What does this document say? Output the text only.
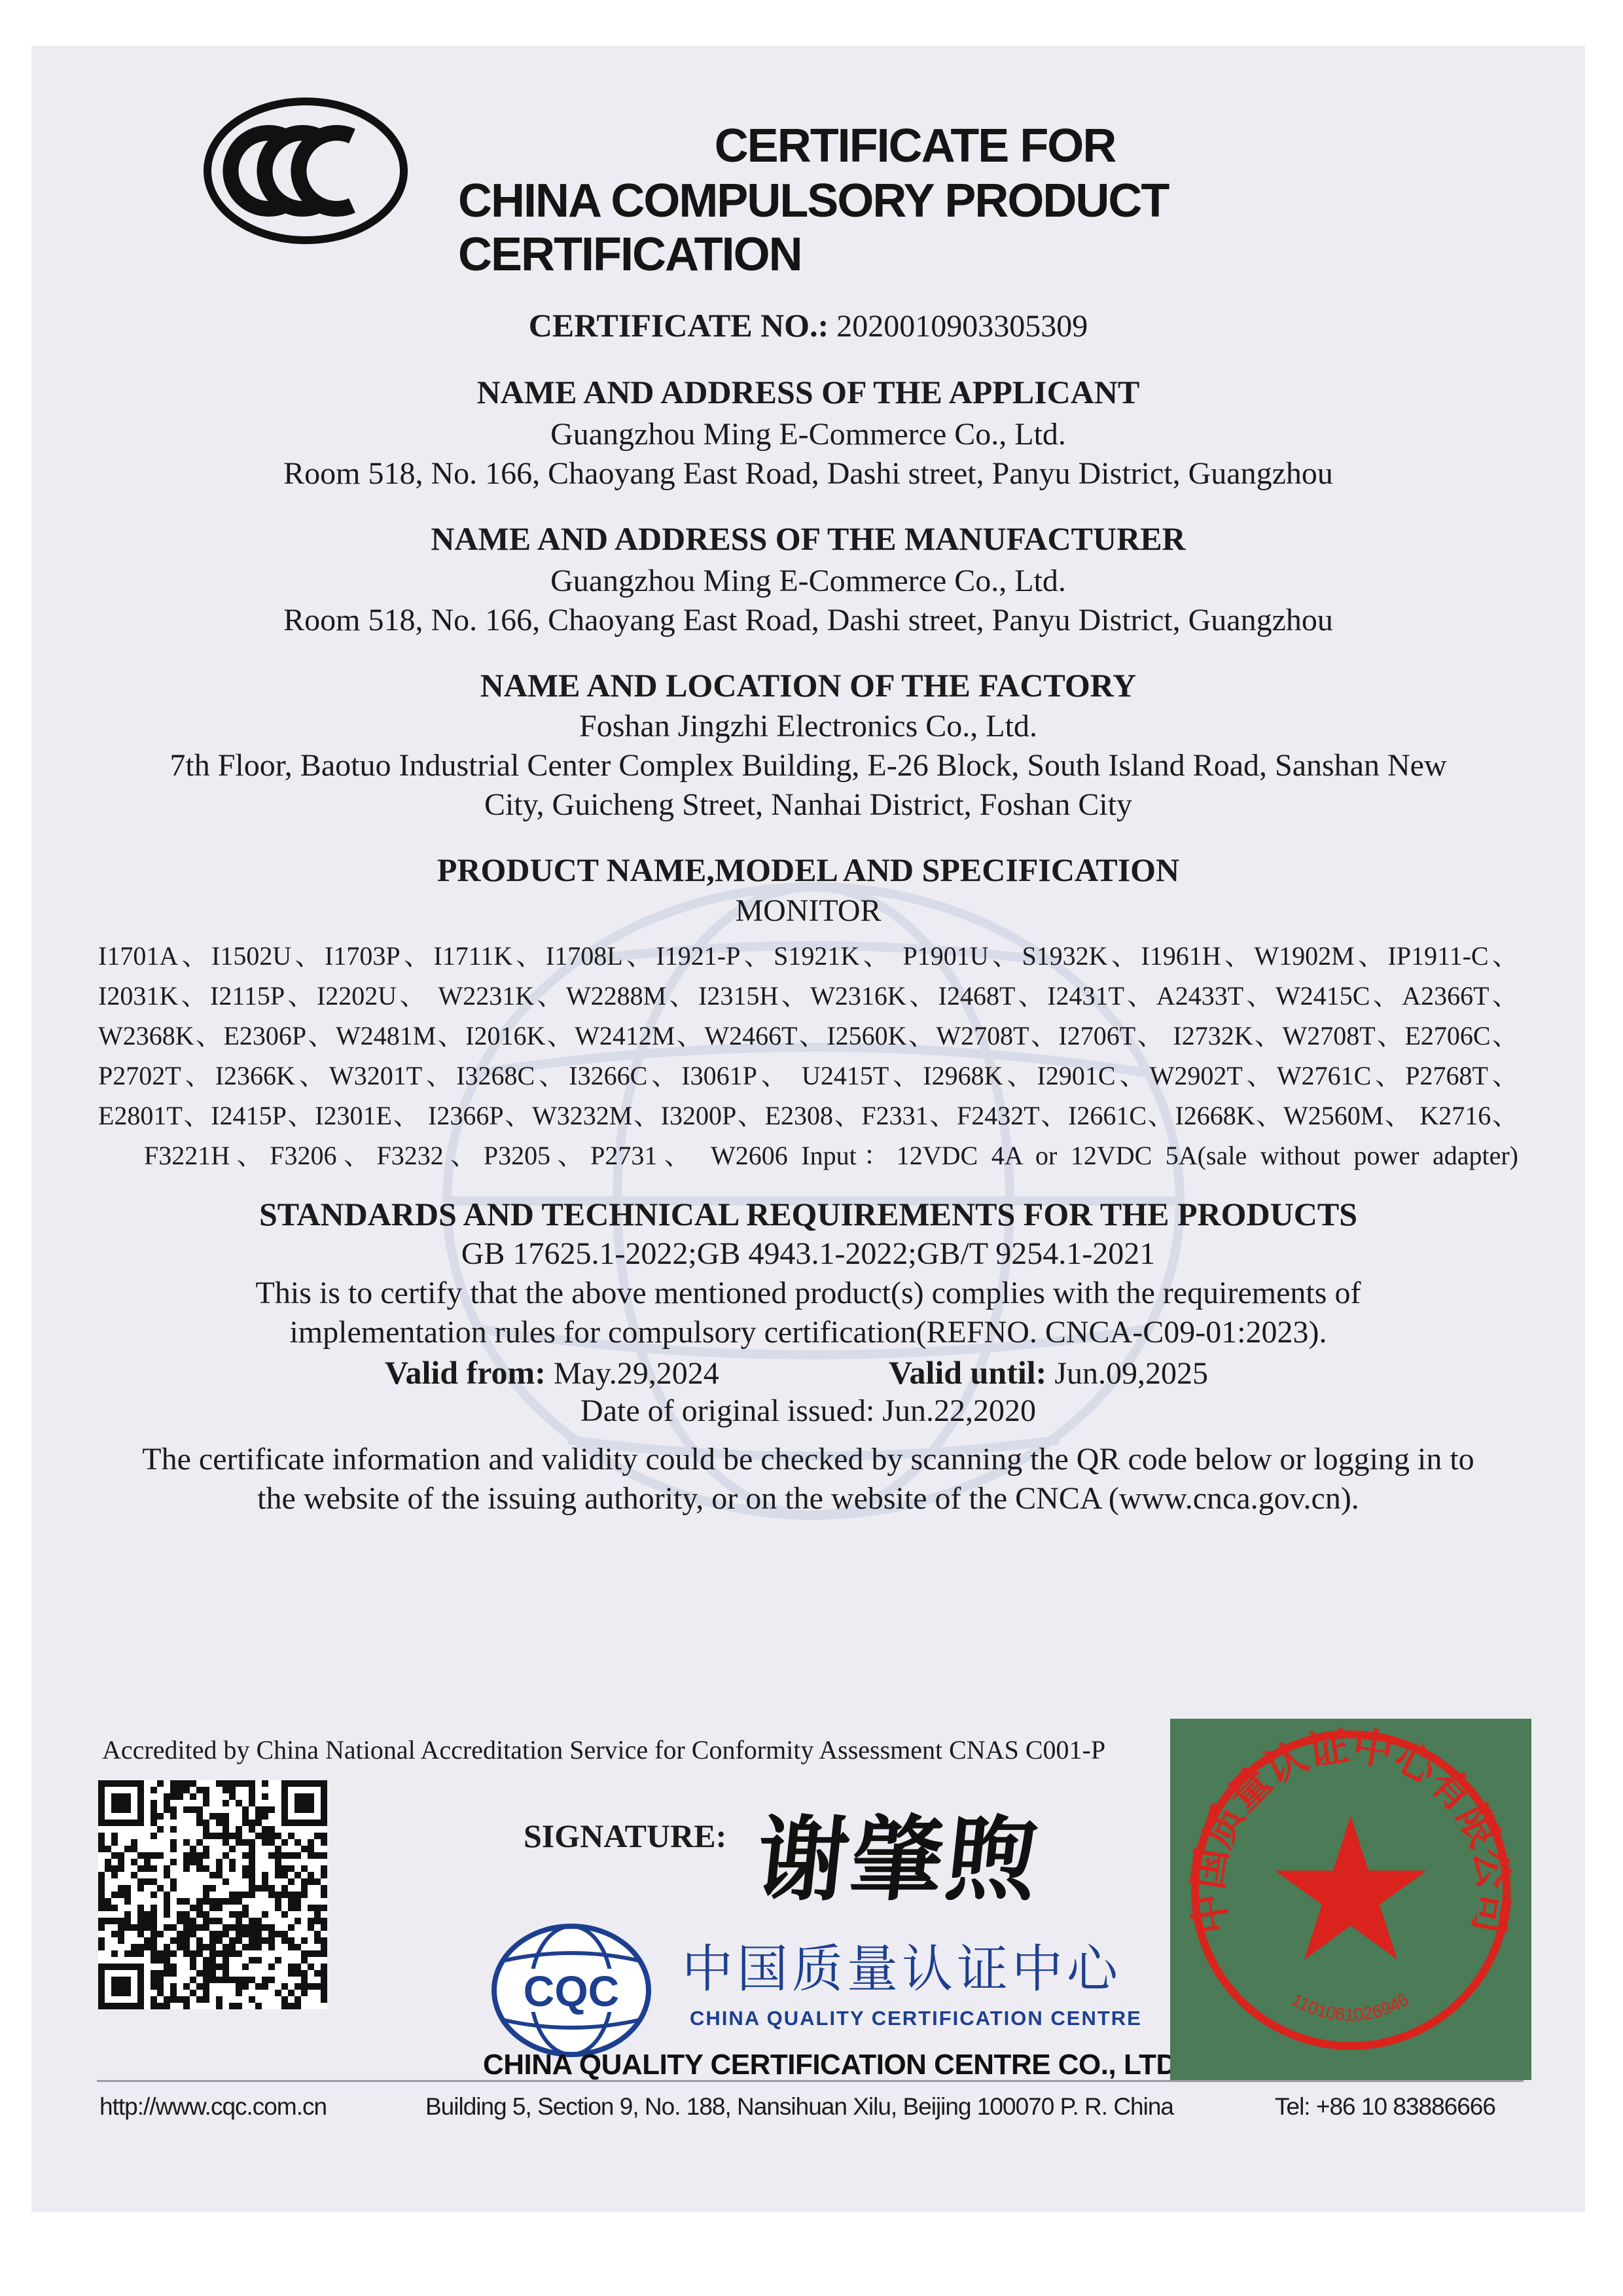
CERTIFICATE FOR
CHINA COMPULSORY PRODUCT CERTIFICATION
CERTIFICATE NO.: 2020010903305309
NAME AND ADDRESS OF THE APPLICANT
Guangzhou Ming E-Commerce Co., Ltd.
Room 518, No. 166, Chaoyang East Road, Dashi street, Panyu District, Guangzhou
NAME AND ADDRESS OF THE MANUFACTURER
Guangzhou Ming E-Commerce Co., Ltd.
Room 518, No. 166, Chaoyang East Road, Dashi street, Panyu District, Guangzhou
NAME AND LOCATION OF THE FACTORY
Foshan Jingzhi Electronics Co., Ltd.
7th Floor, Baotuo Industrial Center Complex Building, E-26 Block, South Island Road, Sanshan New
City, Guicheng Street, Nanhai District, Foshan City
PRODUCT NAME,MODEL AND SPECIFICATION
MONITOR
I1701A、I1502U、I1703P、I1711K、I1708L、I1921-P、S1921K、 P1901U、S1932K、I1961H、W1902M、IP1911-C、
I2031K、I2115P、I2202U、 W2231K、W2288M、I2315H、W2316K、I2468T、I2431T、A2433T、W2415C、A2366T、
W2368K、E2306P、W2481M、I2016K、W2412M、W2466T、I2560K、W2708T、I2706T、 I2732K、W2708T、E2706C、
P2702T、I2366K、W3201T、I3268C、I3266C、I3061P、 U2415T、I2968K、I2901C、W2902T、W2761C、P2768T、
E2801T、I2415P、I2301E、 I2366P、W3232M、I3200P、E2308、F2331、F2432T、I2661C、I2668K、W2560M、 K2716、
F3221H、F3206、F3232、P3205、P2731、 W2606 Input：12VDC 4A or 12VDC 5A(sale without power adapter)
STANDARDS AND TECHNICAL REQUIREMENTS FOR THE PRODUCTS
GB 17625.1-2022;GB 4943.1-2022;GB/T 9254.1-2021
This is to certify that the above mentioned product(s) complies with the requirements of
implementation rules for compulsory certification(REFNO. CNCA-C09-01:2023).
Valid from: May.29,2024	Valid until: Jun.09,2025
Date of original issued: Jun.22,2020
The certificate information and validity could be checked by scanning the QR code below or logging in to
the website of the issuing authority, or on the website of the CNCA (www.cnca.gov.cn).
Accredited by China National Accreditation Service for Conformity Assessment CNAS C001-P
SIGNATURE: 谢肇煦
CQC 中国质量认证中心
CHINA QUALITY CERTIFICATION CENTRE
CHINA QUALITY CERTIFICATION CENTRE CO., LTD.
中国质量认证中心有限公司
1101061026946
http://www.cqc.com.cn	Building 5, Section 9, No. 188, Nansihuan Xilu, Beijing 100070 P. R. China	Tel: +86 10 83886666
